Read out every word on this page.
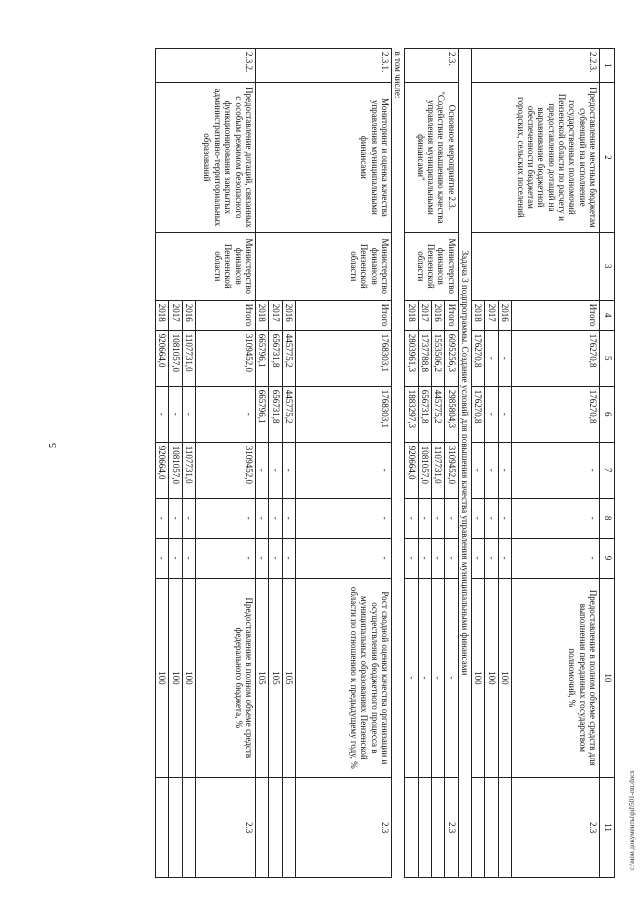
5
c:\мои документы\pd\501-пп.docx
1	2	3	4	5	6	7	8	9	10	11
2.2.3.	Предоставление местным бюджетам субвенций на исполнение государственных полномочий Пензенской области по расчету и предоставлению дотаций на выравнивание бюджетной обеспеченности бюджетам городских, сельских поселений		Итого	176270,8	176270,8	-	-	-	Предоставление в полном объеме средств для выполнения переданных государством полномочий, %	2.3
			2016	-	-	-	-	-	100	
			2017	-	-	-	-	-	100	
			2018	176270,8	176270,8	-	-	-	100	
Задача 3 подпрограммы. Создание условий для повышения качества управления муниципальными финансами										
2.3.	Основное мероприятие 2.3. "Содействие повышению качества управления муниципальными финансами"	Министерство финансов Пензенской области	Итого	6095256,3	2985804,3	3109452,0	-	-	-	2.3
			2016	1553506,2	445775,2	1107731,0	-	-	-	
			2017	1737788,8	656731,8	1081057,0	-	-	-	
			2018	2803961,3	1883297,3	920664,0	-	-	-	
в том числе:										
2.3.1.	Мониторинг и оценка качества управления муниципальными финансами	Министерство финансов Пензенской области	Итого	1768303,1	1768303,1	-	-	-	Рост сводной оценки качества организации и осуществления бюджетного процесса в муниципальных образованиях Пензенской области по отношению к предыдущему году, %	2.3
			2016	445775,2	445775,2	-	-	-	105	
			2017	656731,8	656731,8	-	-	-	105	
			2018	665796,1	665796,1	-	-	-	105	
2.3.2.	Предоставление дотаций, связанных с особым режимом безопасного функционирования закрытых административно-территориальных образований	Министерство финансов Пензенской области	Итого	3109452,0	-	3109452,0	-	-	Предоставление в полном объеме средств федерального бюджета, %	2.3
			2016	1107731,0	-	1107731,0	-	-	100	
			2017	1081057,0	-	1081057,0	-	-	100	
			2018	920664,0	-	920664,0	-	-	100	
